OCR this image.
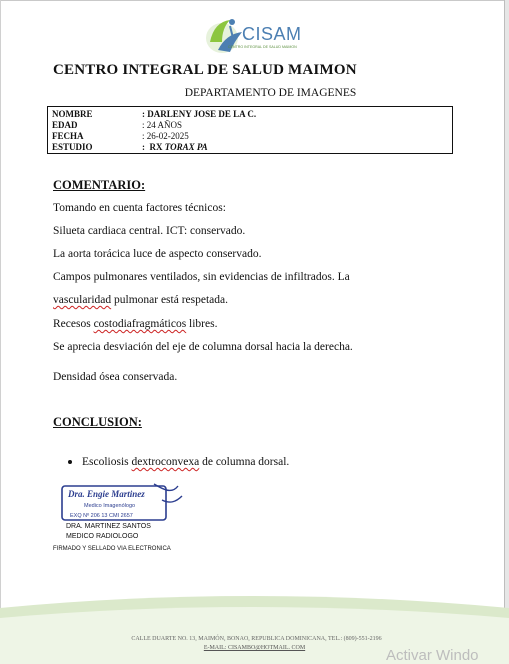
CISAM
CENTRO INTEGRAL DE SALUD MAIMON
CENTRO INTEGRAL DE SALUD MAIMON
DEPARTAMENTO DE IMAGENES
NOMBRE	: DARLENY JOSE DE LA C.
EDAD	: 24 AÑOS
FECHA	: 26-02-2025
ESTUDIO	:  RX TORAX PA
COMENTARIO:
Tomando en cuenta factores técnicos:
Silueta cardiaca central. ICT: conservado.
La aorta torácica luce de aspecto conservado.
Campos pulmonares ventilados, sin evidencias de infiltrados. La
vascularidad pulmonar está respetada.
Recesos costodiafragmáticos libres.
Se aprecia desviación del eje de columna dorsal hacia la derecha.
Densidad ósea conservada.
CONCLUSION:
Escoliosis dextroconvexa de columna dorsal.
Dra. Engie Martinez
Medico Imagenólogo
EXQ Nº 206 13 CMI 2657
DRA. MARTINEZ SANTOS
MEDICO RADIOLOGO
FIRMADO Y SELLADO VIA ELECTRONICA
CALLE DUARTE NO. 13, MAIMÓN, BONAO, REPUBLICA DOMINICANA, TEL.: (809)-551-2196
E-MAIL: CISAMBO@HOTMAIL. COM	Activar Windo
